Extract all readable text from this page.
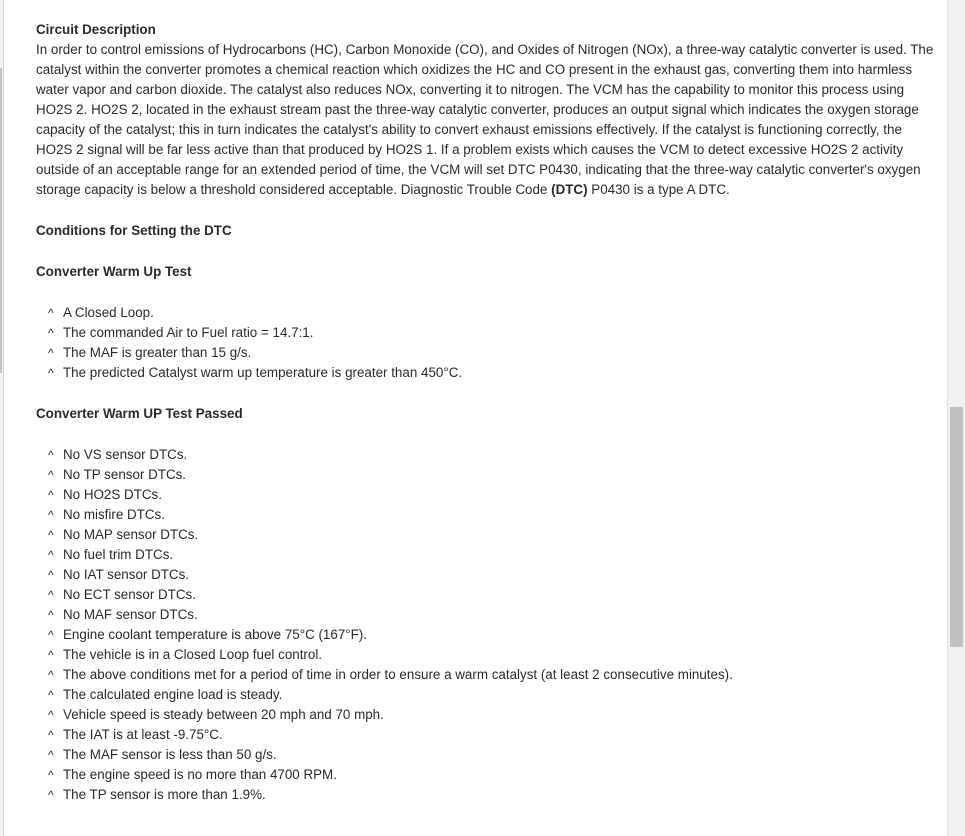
Circuit Description

In order to control emissions of Hydrocarbons (HC), Carbon Monoxide (CO), and Oxides of Nitrogen (NOx), a three-way catalytic converter is used. The catalyst within the converter promotes a chemical reaction which oxidizes the HC and CO present in the exhaust gas, converting them into harmless water vapor and carbon dioxide. The catalyst also reduces NOx, converting it to nitrogen. The VCM has the capability to monitor this process using HO2S 2. HO2S 2, located in the exhaust stream past the three-way catalytic converter, produces an output signal which indicates the oxygen storage capacity of the catalyst; this in turn indicates the catalyst's ability to convert exhaust emissions effectively. If the catalyst is functioning correctly, the HO2S 2 signal will be far less active than that produced by HO2S 1. If a problem exists which causes the VCM to detect excessive HO2S 2 activity outside of an acceptable range for an extended period of time, the VCM will set DTC P0430, indicating that the three-way catalytic converter's oxygen storage capacity is below a threshold considered acceptable. Diagnostic Trouble Code (DTC) P0430 is a type A DTC.

Conditions for Setting the DTC
Converter Warm Up Test
^ A Closed Loop.
^ The commanded Air to Fuel ratio = 14.7:1.
^ The MAF is greater than 15 g/s.
^ The predicted Catalyst warm up temperature is greater than 450°C.
Converter Warm UP Test Passed
^ No VS sensor DTCs.
^ No TP sensor DTCs.
^ No HO2S DTCs.
^ No misfire DTCs.
^ No MAP sensor DTCs.
^ No fuel trim DTCs.
^ No IAT sensor DTCs.
^ No ECT sensor DTCs.
^ No MAF sensor DTCs.
^ Engine coolant temperature is above 75°C (167°F).
^ The vehicle is in a Closed Loop fuel control.
^ The above conditions met for a period of time in order to ensure a warm catalyst (at least 2 consecutive minutes).
^ The calculated engine load is steady.
^ Vehicle speed is steady between 20 mph and 70 mph.
^ The IAT is at least -9.75°C.
^ The MAF sensor is less than 50 g/s.
^ The engine speed is no more than 4700 RPM.
^ The TP sensor is more than 1.9%.
